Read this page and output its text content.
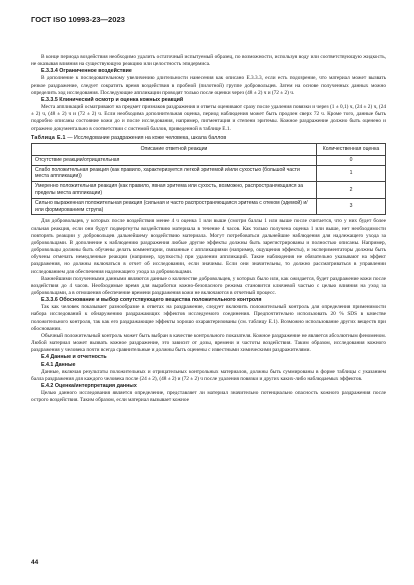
ГОСТ ISO 10993-23—2023

В конце периода воздействия необходимо удалить остаточный испытуемый образец, по возможности, используя воду или соответствующую жидкость, не оказывая влияния на существующую реакцию или целостность эпидермиса.

E.3.3.4 Ограниченное воздействие

В дополнение к последовательному увеличению длительности нанесения как описано E.3.3.3, если есть подозрение, что материал может вызвать резкое раздражение, следует сократить время воздействия в пробной (пилотной) группе добровольцев. Затем на основе полученных данных можно определить ход исследования. Последующие аппликации проводят только после оценки через (48 ± 2) ч и (72 ± 2) ч.

E.3.3.5 Клинический осмотр и оценка кожных реакций

Места аппликаций осматривают на предмет признаков раздражения и ответы оценивают сразу после удаления повязки и через (1 ± 0,1) ч, (24 ± 2) ч, (24 ± 2) ч, (48 ± 2) ч и (72 ± 2) ч. Если необходима дополнительная оценка, период наблюдения может быть продлен сверх 72 ч. Кроме того, данные быть подробно описаны состояние кожи до и после исследования, например, пигментация и степени эритемы. Кожное раздражение должно быть оценено и отражено документально в соответствии с системой баллов, приведенной в таблице E.1.

Таблица E.1 — Исследование раздражения на коже человека, шкала баллов
Описание ответной реакции	Количественная оценка
Отсутствие реакции/отрицательная	0
Слабо положительная реакция (как правило, характеризуется легкой эритемой и/или сухостью (большой части места аппликации))	1
Умеренно положительная реакция (как правило, явная эритема или сухость, возможно, распространяющаяся за пределы места аппликации)	2
Сильно выраженная положительная реакция (сильная и часто распространяющаяся эритема с отеком (эдемой) и/или формированием струпа)	3

Для добровольцев, у которых после воздействия менее 4 ч оценка 1 или выше (смотри баллы 1 или выше после считается, что у них будет более сильная реакция, если они будут подвергнуты воздействию материала в течение 4 часов. Как только получена оценка 1 или выше, нет необходимости повторять реакции у добровольцев дальнейшему воздействию материала. Могут потребоваться дальнейшие наблюдения для надлежащего ухода за добровольцами. В дополнение к наблюдению раздражения любые другие эффекты должны быть зарегистрированы и полностью описаны. Например, добровольцы должны быть обучены делать комментарии, связанные с аппликациями (например, ощущения эффекты), и экспериментаторы должны быть обучены отмечать немедленные реакции (например, хрупкость) при удалении аппликаций. Такие наблюдения не обязательно указывают на эффект раздражения, но должны включаться в отчет об исследовании, если значимы. Если они значительны, то должно рассматриваться в управлении исследованием для обеспечения надлежащего ухода за добровольцами.

Важнейшими полученными данными являются данные о количестве добровольцев, у которых было или, как ожидается, будет раздражение кожи после воздействия до 4 часов. Необходимые время для выработки кожно-безопасного режима становится ключевой частью с целью влияния на уход за добровольцами, а в отношения обеспечение времени раздражения кожи не включаются в отчетный процесс.

E.3.3.6 Обоснование и выбор сопутствующего вещества положительного контроля

Так как человек показывает разнообразие в ответах на раздражение, следует включить положительный контроль для определения применимости набора исследований к обнаружению раздражающих эффектов исследуемого соединения. Предпочтительно использовать 20 % SDS в качестве положительного контроля, так как его раздражающие эффекты хорошо охарактеризованы (см. таблицу E.1). Возможно использование других веществ при обосновании.

Обычный положительный контроль может быть выбран в качестве контрольного показателя. Кожное раздражение не является абсолютным феноменом. Любой материал может вызвать кожное раздражение, это зависит от дозы, времени и частоты воздействия. Таким образом, исследования кожного раздражения у человека почти всегда сравнительные и должны быть оценены с известными химическими раздражителями.

E.4 Данные и отчетность

E.4.1 Данные

Данные, включая результаты положительных и отрицательных контрольных материалов, должны быть суммированы в форме таблицы с указанием балла раздражения для каждого человека после (24 ± 2), (48 ± 2) и (72 ± 2) ч после удаления повязки и других каких-либо наблюдаемых эффектов.

E.4.2 Оценка/интерпретация данных

Целью данного исследования является определение, представляет ли материал значительно потенциально опасность кожного раздражения после острого воздействия. Таким образом, если материал вызывает кожное

44
